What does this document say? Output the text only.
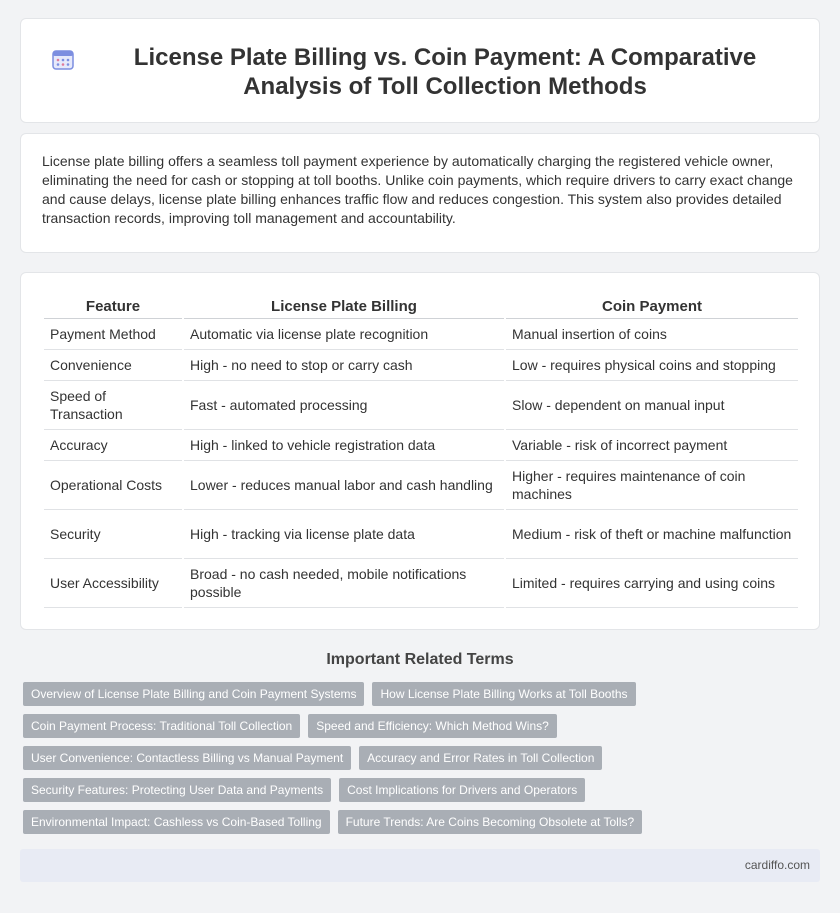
License Plate Billing vs. Coin Payment: A Comparative Analysis of Toll Collection Methods

License plate billing offers a seamless toll payment experience by automatically charging the registered vehicle owner, eliminating the need for cash or stopping at toll booths. Unlike coin payments, which require drivers to carry exact change and cause delays, license plate billing enhances traffic flow and reduces congestion. This system also provides detailed transaction records, improving toll management and accountability.

Feature	License Plate Billing	Coin Payment
Payment Method	Automatic via license plate recognition	Manual insertion of coins
Convenience	High - no need to stop or carry cash	Low - requires physical coins and stopping
Speed of Transaction	Fast - automated processing	Slow - dependent on manual input
Accuracy	High - linked to vehicle registration data	Variable - risk of incorrect payment
Operational Costs	Lower - reduces manual labor and cash handling	Higher - requires maintenance of coin machines
Security	High - tracking via license plate data	Medium - risk of theft or machine malfunction
User Accessibility	Broad - no cash needed, mobile notifications possible	Limited - requires carrying and using coins
Important Related Terms
Overview of License Plate Billing and Coin Payment Systems	How License Plate Billing Works at Toll Booths
Coin Payment Process: Traditional Toll Collection	Speed and Efficiency: Which Method Wins?
User Convenience: Contactless Billing vs Manual Payment	Accuracy and Error Rates in Toll Collection
Security Features: Protecting User Data and Payments	Cost Implications for Drivers and Operators
Environmental Impact: Cashless vs Coin-Based Tolling	Future Trends: Are Coins Becoming Obsolete at Tolls?
cardiffo.com
